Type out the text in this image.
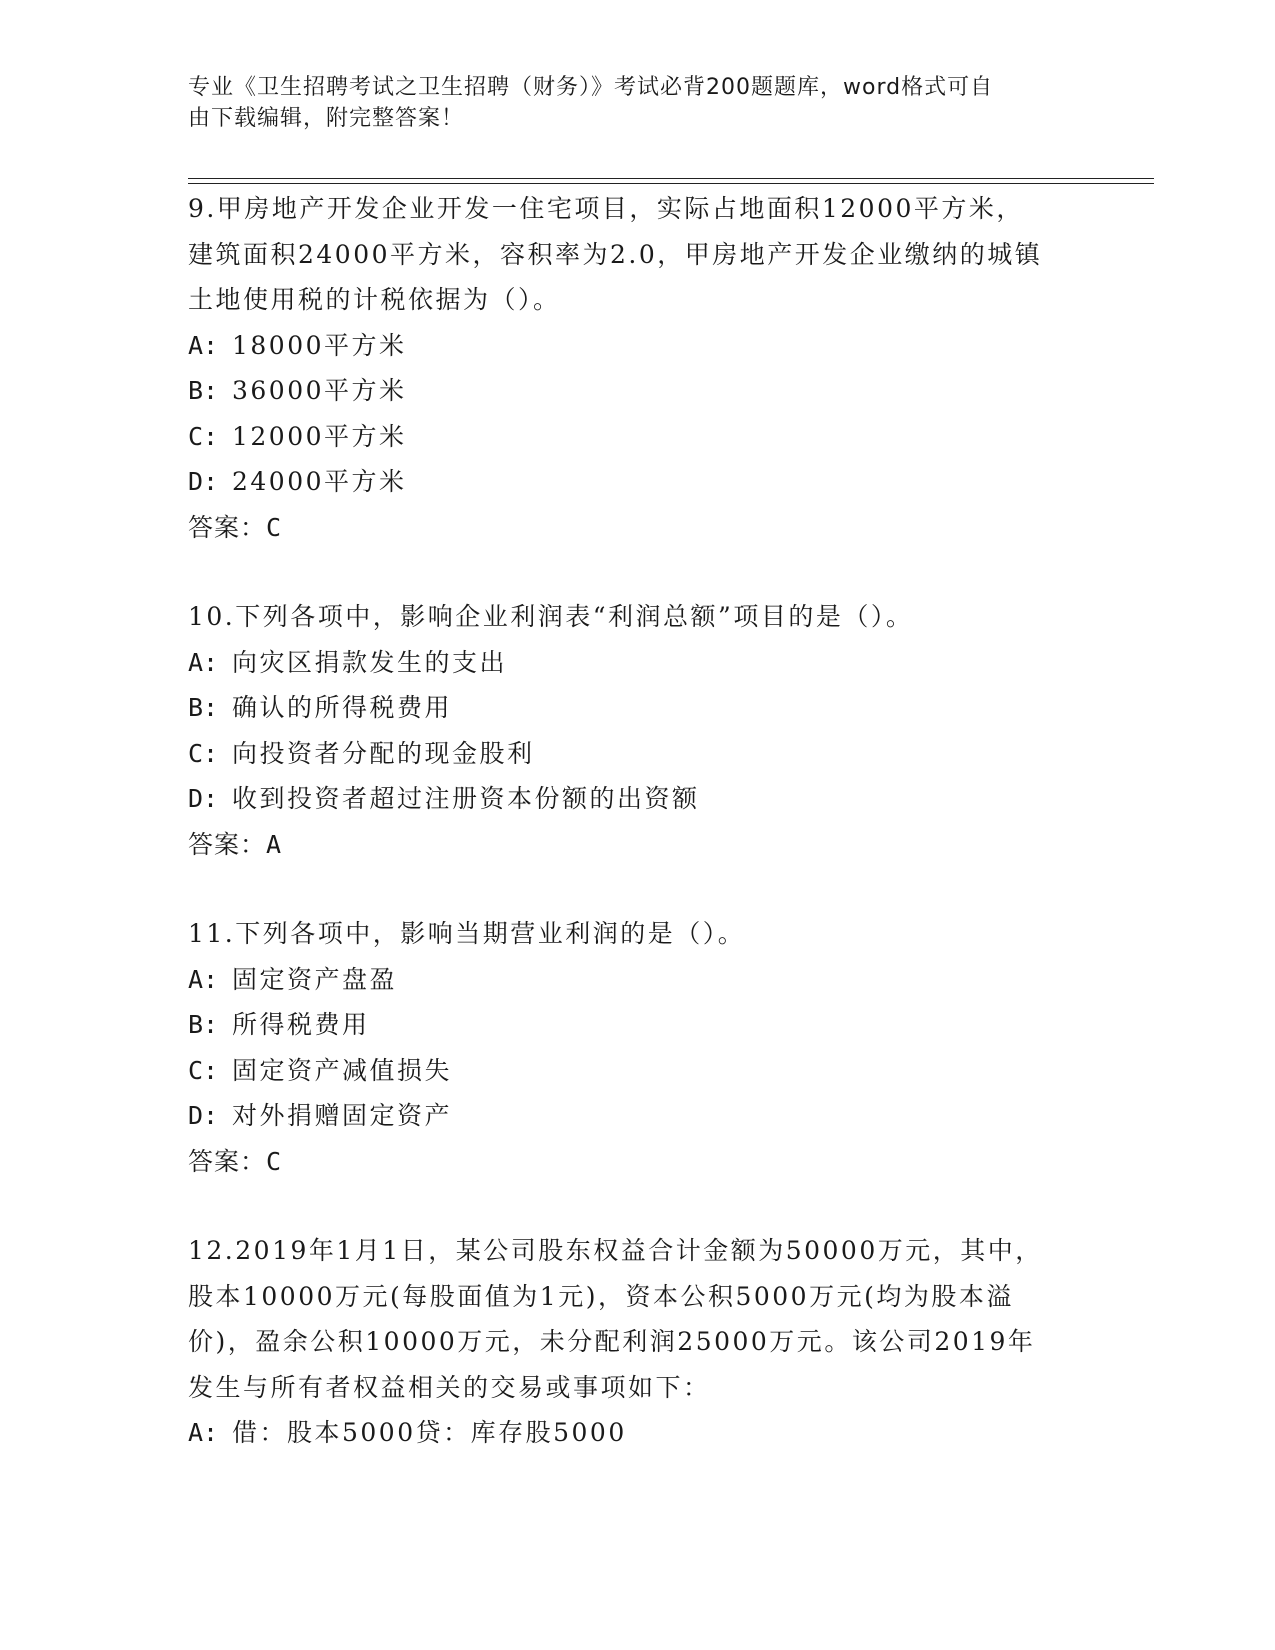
专业《卫生招聘考试之卫生招聘（财务）》考试必背200题题库，word格式可自
由下载编辑，附完整答案！
9.甲房地产开发企业开发一住宅项目，实际占地面积12000平方米，
建筑面积24000平方米，容积率为2.0，甲房地产开发企业缴纳的城镇
土地使用税的计税依据为（）。
A: 18000平方米
B: 36000平方米
C: 12000平方米
D: 24000平方米
答案：C
10.下列各项中，影响企业利润表“利润总额”项目的是（）。
A: 向灾区捐款发生的支出
B: 确认的所得税费用
C: 向投资者分配的现金股利
D: 收到投资者超过注册资本份额的出资额
答案：A
11.下列各项中，影响当期营业利润的是（）。
A: 固定资产盘盈
B: 所得税费用
C: 固定资产减值损失
D: 对外捐赠固定资产
答案：C
12.2019年1月1日，某公司股东权益合计金额为50000万元，其中，
股本10000万元(每股面值为1元)，资本公积5000万元(均为股本溢
价)，盈余公积10000万元，未分配利润25000万元。该公司2019年
发生与所有者权益相关的交易或事项如下：
A: 借：股本5000贷：库存股5000
